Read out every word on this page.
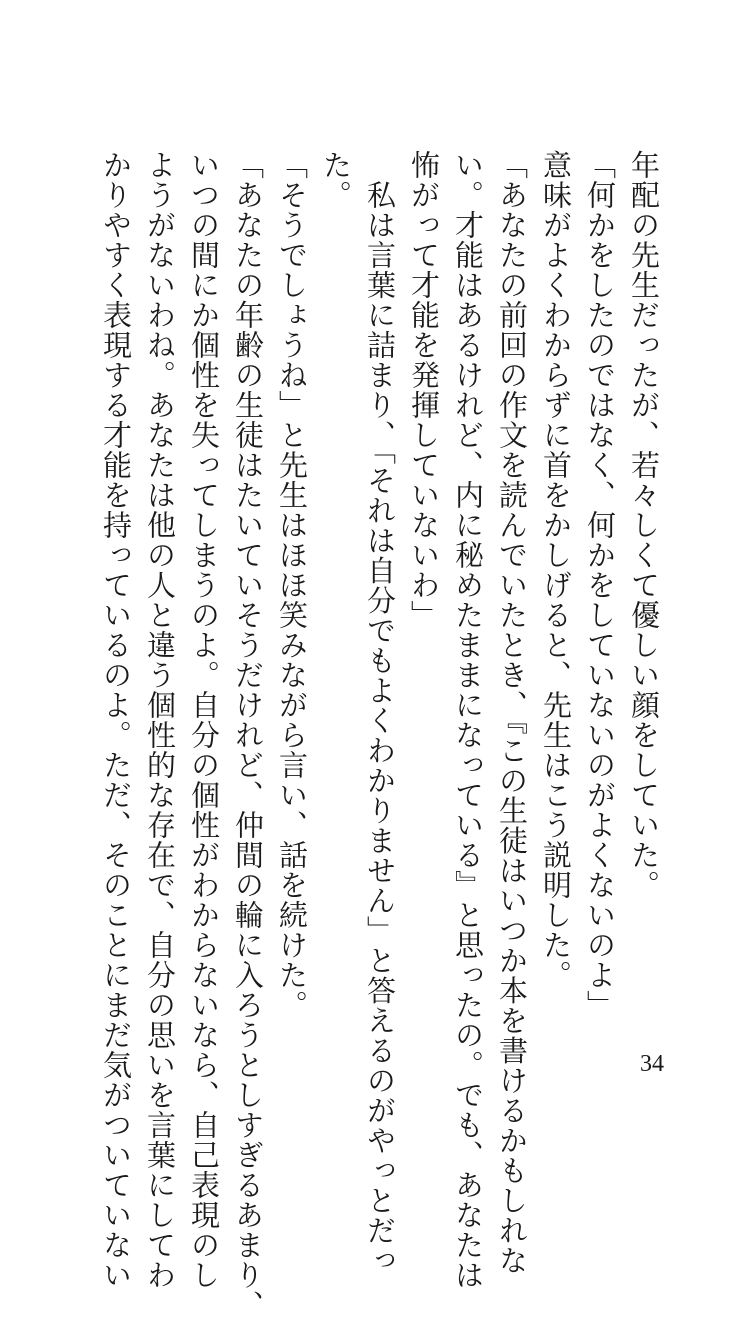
年配の先生だったが、若々しくて優しい顔をしていた。
「何かをしたのではなく、何かをしていないのがよくないのよ」
意味がよくわからずに首をかしげると、先生はこう説明した。
「あなたの前回の作文を読んでいたとき、『この生徒はいつか本を書けるかもしれな
い。才能はあるけれど、内に秘めたままになっている』と思ったの。でも、あなたは
怖がって才能を発揮していないわ」
　私は言葉に詰まり、「それは自分でもよくわかりません」と答えるのがやっとだっ
た。
「そうでしょうね」と先生はほほ笑みながら言い、話を続けた。
「あなたの年齢の生徒はたいていそうだけれど、仲間の輪に入ろうとしすぎるあまり、
いつの間にか個性を失ってしまうのよ。自分の個性がわからないなら、自己表現のし
ようがないわね。あなたは他の人と違う個性的な存在で、自分の思いを言葉にしてわ
かりやすく表現する才能を持っているのよ。ただ、そのことにまだ気がついていない	34
